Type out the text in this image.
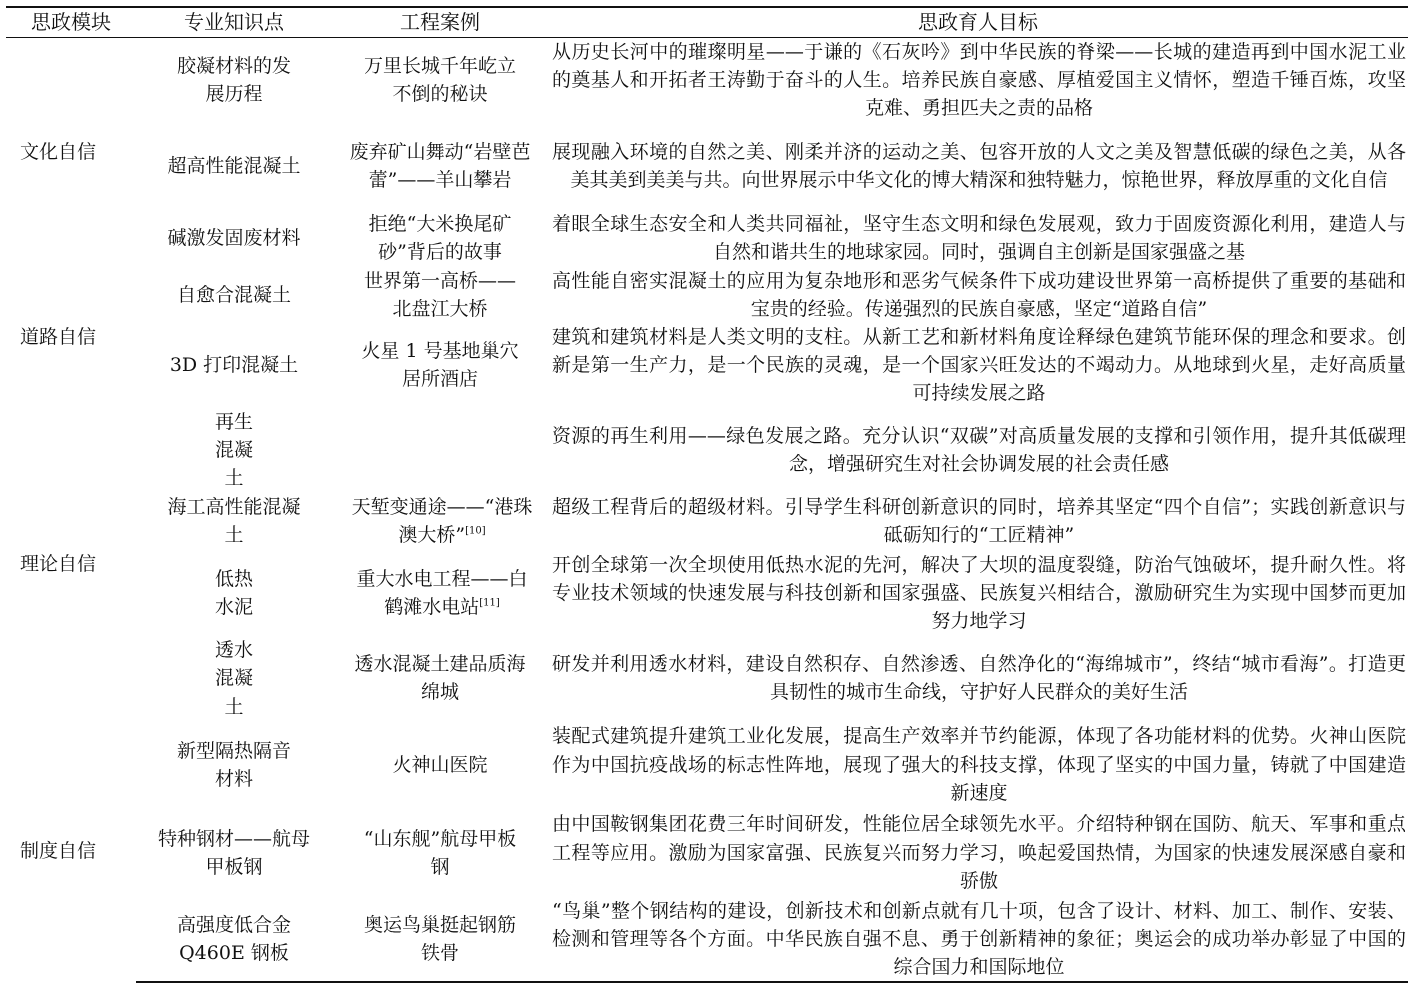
思政模块	专业知识点	工程案例	思政育人目标
文化自信	胶凝材料的发展历程	万里长城千年屹立不倒的秘诀	从历史长河中的璀璨明星——于谦的《石灰吟》到中华民族的脊梁——长城的建造再到中国水泥工业的奠基人和开拓者王涛勤于奋斗的人生。培养民族自豪感、厚植爱国主义情怀，塑造千锤百炼，攻坚克难、勇担匹夫之责的品格
	超高性能混凝土	废弃矿山舞动“岩壁芭蕾”——羊山攀岩	展现融入环境的自然之美、刚柔并济的运动之美、包容开放的人文之美及智慧低碳的绿色之美，从各美其美到美美与共。向世界展示中华文化的博大精深和独特魅力，惊艳世界，释放厚重的文化自信
	碱激发固废材料	拒绝“大米换尾矿砂”背后的故事	着眼全球生态安全和人类共同福祉，坚守生态文明和绿色发展观，致力于固废资源化利用，建造人与自然和谐共生的地球家园。同时，强调自主创新是国家强盛之基
道路自信	自愈合混凝土	世界第一高桥——北盘江大桥	高性能自密实混凝土的应用为复杂地形和恶劣气候条件下成功建设世界第一高桥提供了重要的基础和宝贵的经验。传递强烈的民族自豪感，坚定“道路自信”
	3D 打印混凝土	火星 1 号基地巢穴居所酒店	建筑和建筑材料是人类文明的支柱。从新工艺和新材料角度诠释绿色建筑节能环保的理念和要求。创新是第一生产力，是一个民族的灵魂，是一个国家兴旺发达的不竭动力。从地球到火星，走好高质量可持续发展之路
理论自信	再生混凝土		资源的再生利用——绿色发展之路。充分认识“双碳”对高质量发展的支撑和引领作用，提升其低碳理念，增强研究生对社会协调发展的社会责任感
	海工高性能混凝土	天堑变通途——“港珠澳大桥”[10]	超级工程背后的超级材料。引导学生科研创新意识的同时，培养其坚定“四个自信”；实践创新意识与砥砺知行的“工匠精神”
	低热水泥	重大水电工程——白鹤滩水电站[11]	开创全球第一次全坝使用低热水泥的先河，解决了大坝的温度裂缝，防治气蚀破坏，提升耐久性。将专业技术领域的快速发展与科技创新和国家强盛、民族复兴相结合，激励研究生为实现中国梦而更加努力地学习
	透水混凝土	透水混凝土建品质海绵城	研发并利用透水材料，建设自然积存、自然渗透、自然净化的“海绵城市”，终结“城市看海”。打造更具韧性的城市生命线，守护好人民群众的美好生活
制度自信	新型隔热隔音材料	火神山医院	装配式建筑提升建筑工业化发展，提高生产效率并节约能源，体现了各功能材料的优势。火神山医院作为中国抗疫战场的标志性阵地，展现了强大的科技支撑，体现了坚实的中国力量，铸就了中国建造新速度
	特种钢材——航母甲板钢	“山东舰”航母甲板钢	由中国鞍钢集团花费三年时间研发，性能位居全球领先水平。介绍特种钢在国防、航天、军事和重点工程等应用。激励为国家富强、民族复兴而努力学习，唤起爱国热情，为国家的快速发展深感自豪和骄傲
	高强度低合金Q460E 钢板	奥运鸟巢挺起钢筋铁骨	“鸟巢”整个钢结构的建设，创新技术和创新点就有几十项，包含了设计、材料、加工、制作、安装、检测和管理等各个方面。中华民族自强不息、勇于创新精神的象征；奥运会的成功举办彰显了中国的综合国力和国际地位
